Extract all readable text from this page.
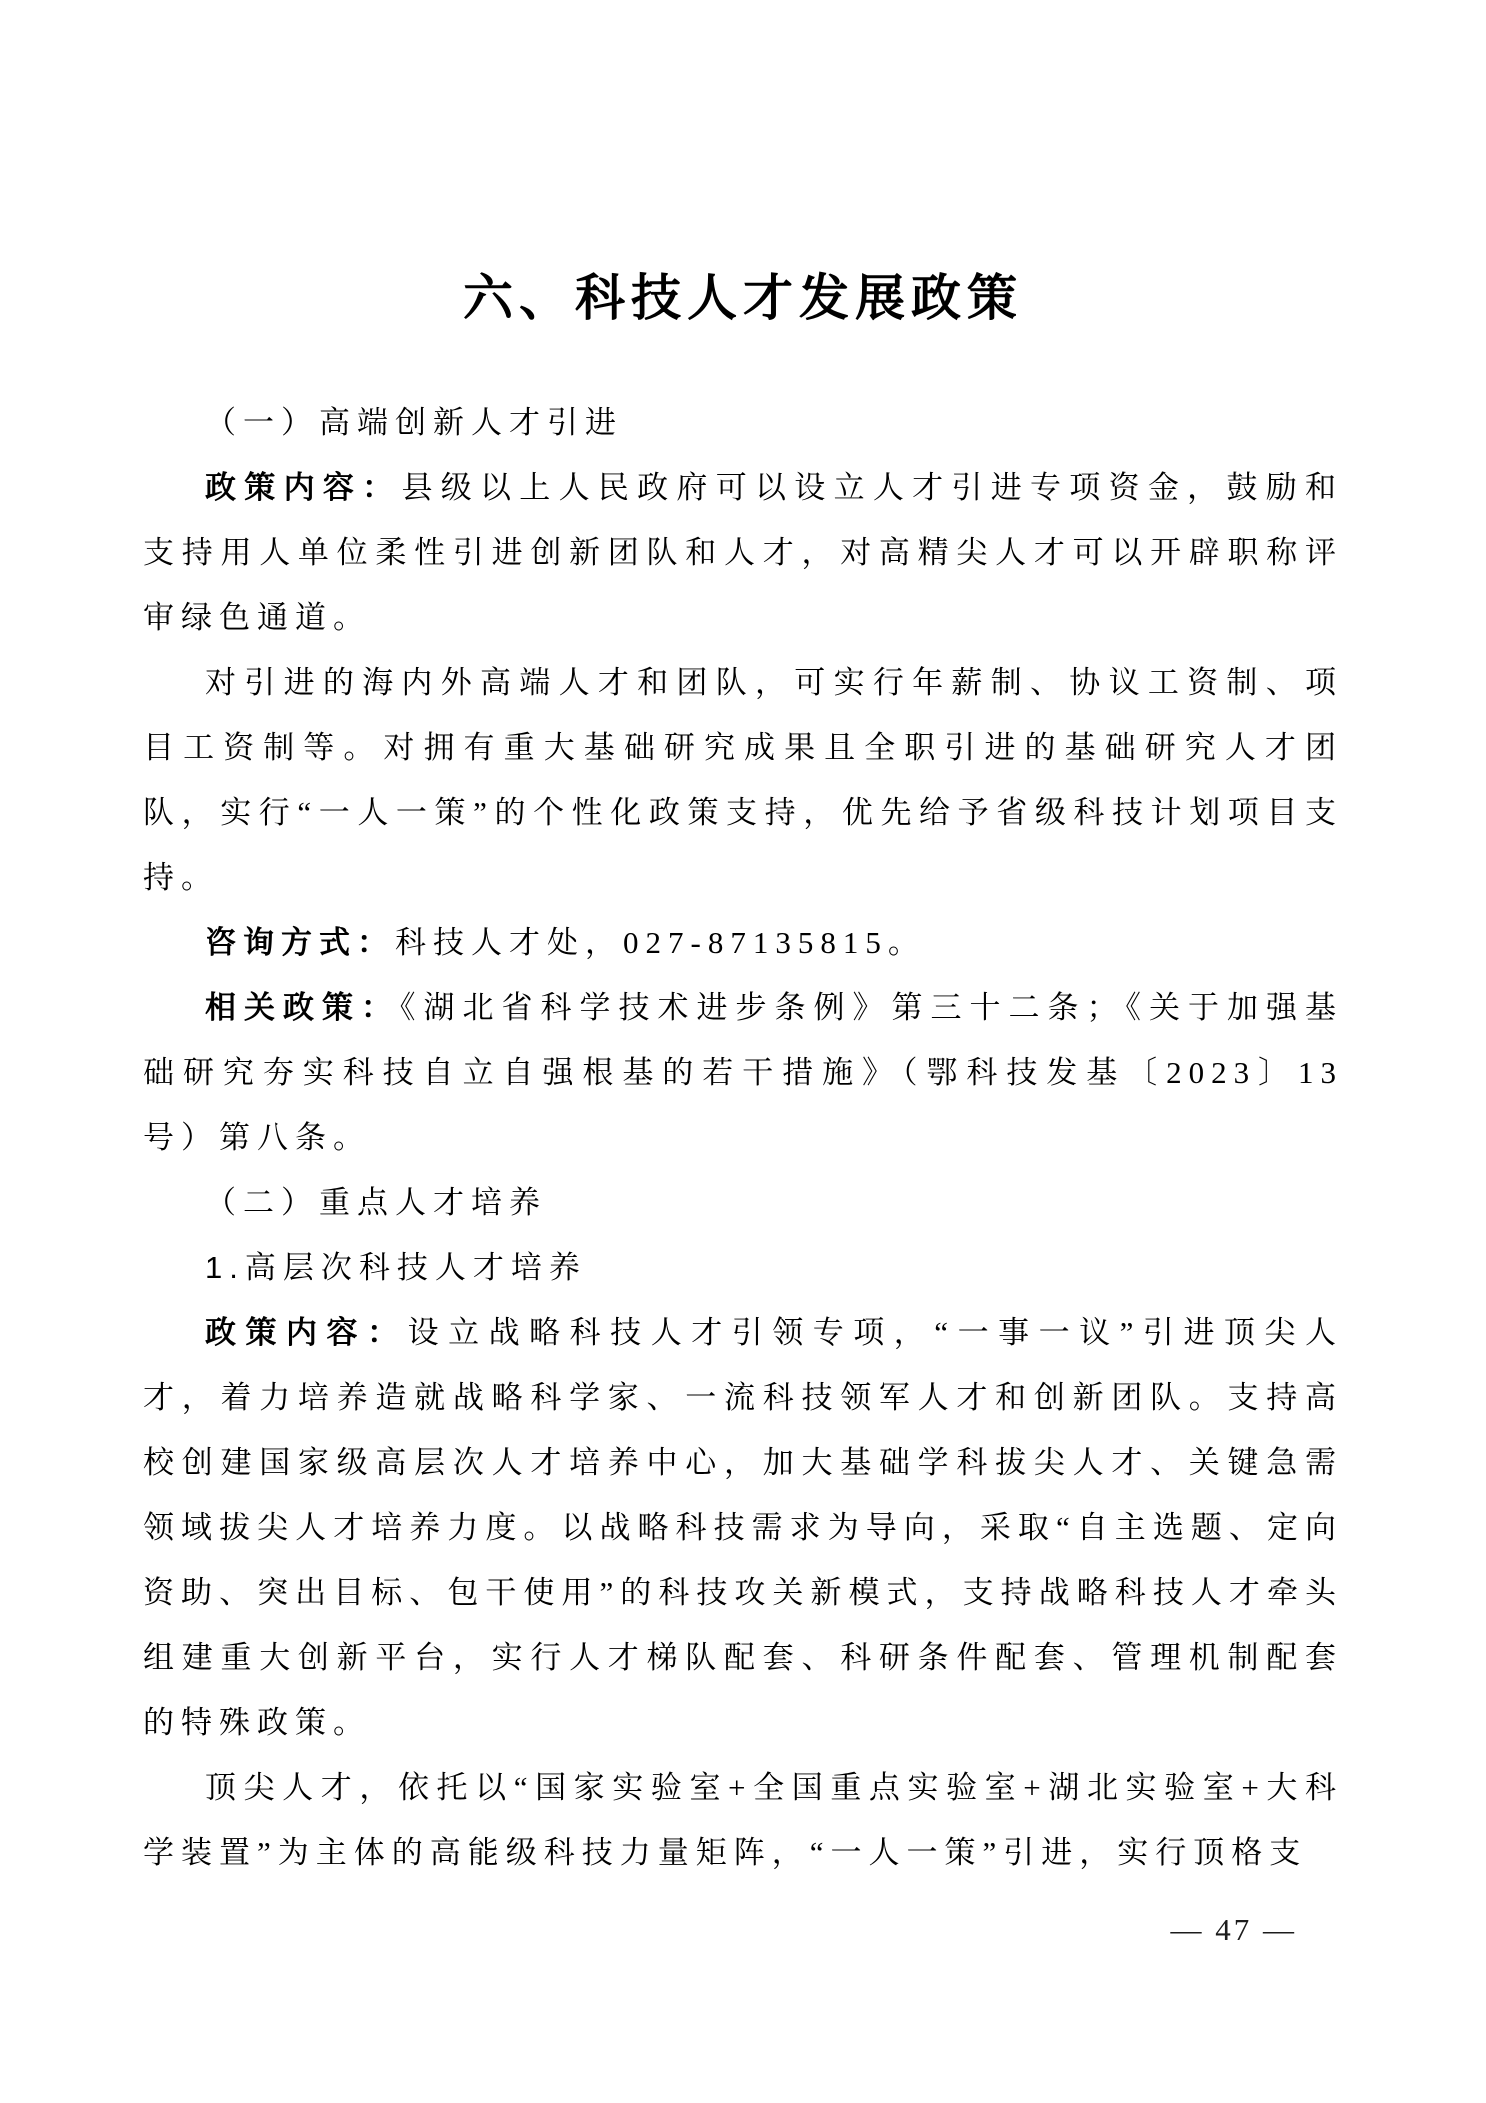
六、科技人才发展政策
（一）高端创新人才引进

政策内容：县级以上人民政府可以设立人才引进专项资金，鼓励和支持用人单位柔性引进创新团队和人才，对高精尖人才可以开辟职称评审绿色通道。

对引进的海内外高端人才和团队，可实行年薪制、协议工资制、项目工资制等。对拥有重大基础研究成果且全职引进的基础研究人才团队，实行“一人一策”的个性化政策支持，优先给予省级科技计划项目支持。

咨询方式：科技人才处，027-87135815。

相关政策：《湖北省科学技术进步条例》第三十二条；《关于加强基础研究夯实科技自立自强根基的若干措施》（鄂科技发基〔2023〕13号）第八条。

（二）重点人才培养
1.高层次科技人才培养

政策内容：设立战略科技人才引领专项，“一事一议”引进顶尖人才，着力培养造就战略科学家、一流科技领军人才和创新团队。支持高校创建国家级高层次人才培养中心，加大基础学科拔尖人才、关键急需领域拔尖人才培养力度。以战略科技需求为导向，采取“自主选题、定向资助、突出目标、包干使用”的科技攻关新模式，支持战略科技人才牵头组建重大创新平台，实行人才梯队配套、科研条件配套、管理机制配套的特殊政策。

顶尖人才，依托以“国家实验室+全国重点实验室+湖北实验室+大科学装置”为主体的高能级科技力量矩阵，“一人一策”引进，实行顶格支

— 47 —
